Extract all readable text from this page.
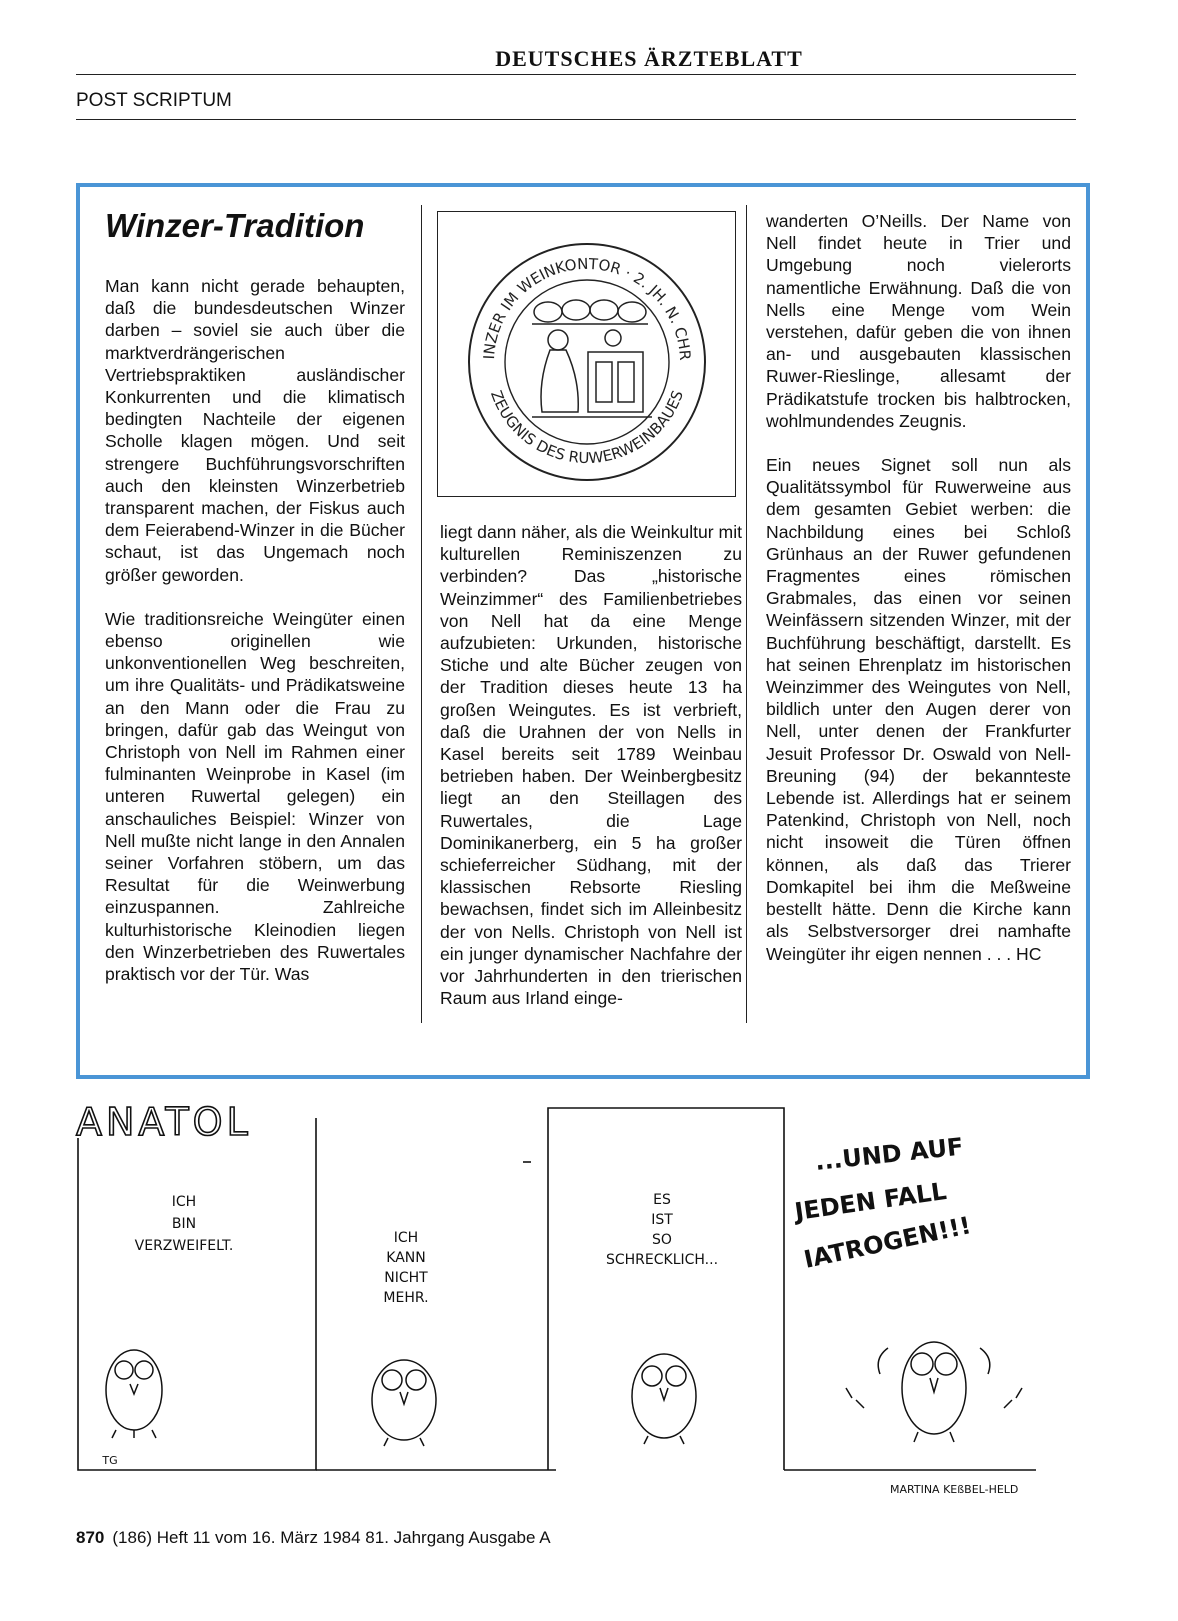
DEUTSCHES ÄRZTEBLATT
POST SCRIPTUM
Winzer-Tradition

Man kann nicht gerade behaupten, daß die bundesdeutschen Winzer darben – soviel sie auch über die marktverdrängerischen Vertriebspraktiken ausländischer Konkurrenten und die klimatisch bedingten Nachteile der eigenen Scholle klagen mögen. Und seit strengere Buchführungsvorschriften auch den kleinsten Winzerbetrieb transparent machen, der Fiskus auch dem Feierabend-Winzer in die Bücher schaut, ist das Ungemach noch größer geworden.

Wie traditionsreiche Weingüter einen ebenso originellen wie unkonventionellen Weg beschreiten, um ihre Qualitäts- und Prädikatsweine an den Mann oder die Frau zu bringen, dafür gab das Weingut von Christoph von Nell im Rahmen einer fulminanten Weinprobe in Kasel (im unteren Ruwertal gelegen) ein anschauliches Beispiel: Winzer von Nell mußte nicht lange in den Annalen seiner Vorfahren stöbern, um das Resultat für die Weinwerbung einzuspannen. Zahlreiche kulturhistorische Kleinodien liegen den Winzerbetrieben des Ruwertales praktisch vor der Tür. Was

INZER IM WEINKONTOR · 2. JH. N. CHR
ZEUGNIS DES RUWERWEINBAUES

liegt dann näher, als die Weinkultur mit kulturellen Reminiszenzen zu verbinden? Das „historische Weinzimmer“ des Familienbetriebes von Nell hat da eine Menge aufzubieten: Urkunden, historische Stiche und alte Bücher zeugen von der Tradition dieses heute 13 ha großen Weingutes. Es ist verbrieft, daß die Urahnen der von Nells in Kasel bereits seit 1789 Weinbau betrieben haben. Der Weinbergbesitz liegt an den Steillagen des Ruwertales, die Lage Dominikanerberg, ein 5 ha großer schieferreicher Südhang, mit der klassischen Rebsorte Riesling bewachsen, findet sich im Alleinbesitz der von Nells. Christoph von Nell ist ein junger dynamischer Nachfahre der vor Jahrhunderten in den trierischen Raum aus Irland einge-

wanderten O’Neills. Der Name von Nell findet heute in Trier und Umgebung noch vielerorts namentliche Erwähnung. Daß die von Nells eine Menge vom Wein verstehen, dafür geben die von ihnen an- und ausgebauten klassischen Ruwer-Rieslinge, allesamt der Prädikatstufe trocken bis halbtrocken, wohlmundendes Zeugnis.

Ein neues Signet soll nun als Qualitätssymbol für Ruwerweine aus dem gesamten Gebiet werben: die Nachbildung eines bei Schloß Grünhaus an der Ruwer gefundenen Fragmentes eines römischen Grabmales, das einen vor seinen Weinfässern sitzenden Winzer, mit der Buchführung beschäftigt, darstellt. Es hat seinen Ehrenplatz im historischen Weinzimmer des Weingutes von Nell, bildlich unter den Augen derer von Nell, unter denen der Frankfurter Jesuit Professor Dr. Oswald von Nell-Breuning (94) der bekannteste Lebende ist. Allerdings hat er seinem Patenkind, Christoph von Nell, noch nicht insoweit die Türen öffnen können, als daß das Trierer Domkapitel bei ihm die Meßweine bestellt hätte. Denn die Kirche kann als Selbstversorger drei namhafte Weingüter ihr eigen nennen . . . HC

ANATOL
ICH
BIN
VERZWEIFELT.	ICH
KANN
NICHT
MEHR.
ES
IST
SO
SCHRECKLICH...
TG
...UND AUF
JEDEN FALL
IATROGEN!!!
MARTINA KEßBEL-HELD
870 (186) Heft 11 vom 16. März 1984 81. Jahrgang Ausgabe A
